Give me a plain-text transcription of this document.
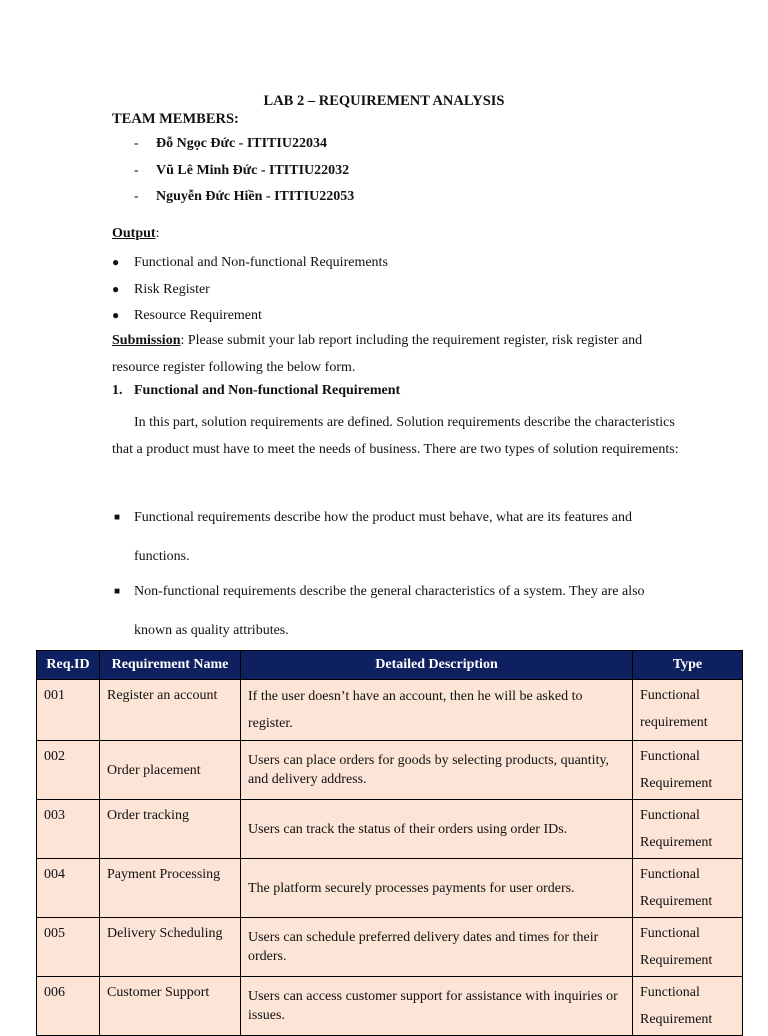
LAB 2 – REQUIREMENT ANALYSIS
TEAM MEMBERS:
- Đỗ Ngọc Đức - ITITIU22034
- Vũ Lê Minh Đức - ITITIU22032
- Nguyễn Đức Hiền - ITITIU22053
Output:
● Functional and Non-functional Requirements
● Risk Register
● Resource Requirement
Submission: Please submit your lab report including the requirement register, risk register and resource register following the below form.
1. Functional and Non-functional Requirement
In this part, solution requirements are defined. Solution requirements describe the characteristics that a product must have to meet the needs of business. There are two types of solution requirements:
■ Functional requirements describe how the product must behave, what are its features and functions.
■ Non-functional requirements describe the general characteristics of a system. They are also known as quality attributes.
Req.ID	Requirement Name	Detailed Description	Type
001	Register an account	If the user doesn’t have an account, then he will be asked to register.	Functional requirement
002	Order placement	Users can place orders for goods by selecting products, quantity, and delivery address.	Functional Requirement
003	Order tracking	Users can track the status of their orders using order IDs.	Functional Requirement
004	Payment Processing	The platform securely processes payments for user orders.	Functional Requirement
005	Delivery Scheduling	Users can schedule preferred delivery dates and times for their orders.	Functional Requirement
006	Customer Support	Users can access customer support for assistance with inquiries or issues.	Functional Requirement
